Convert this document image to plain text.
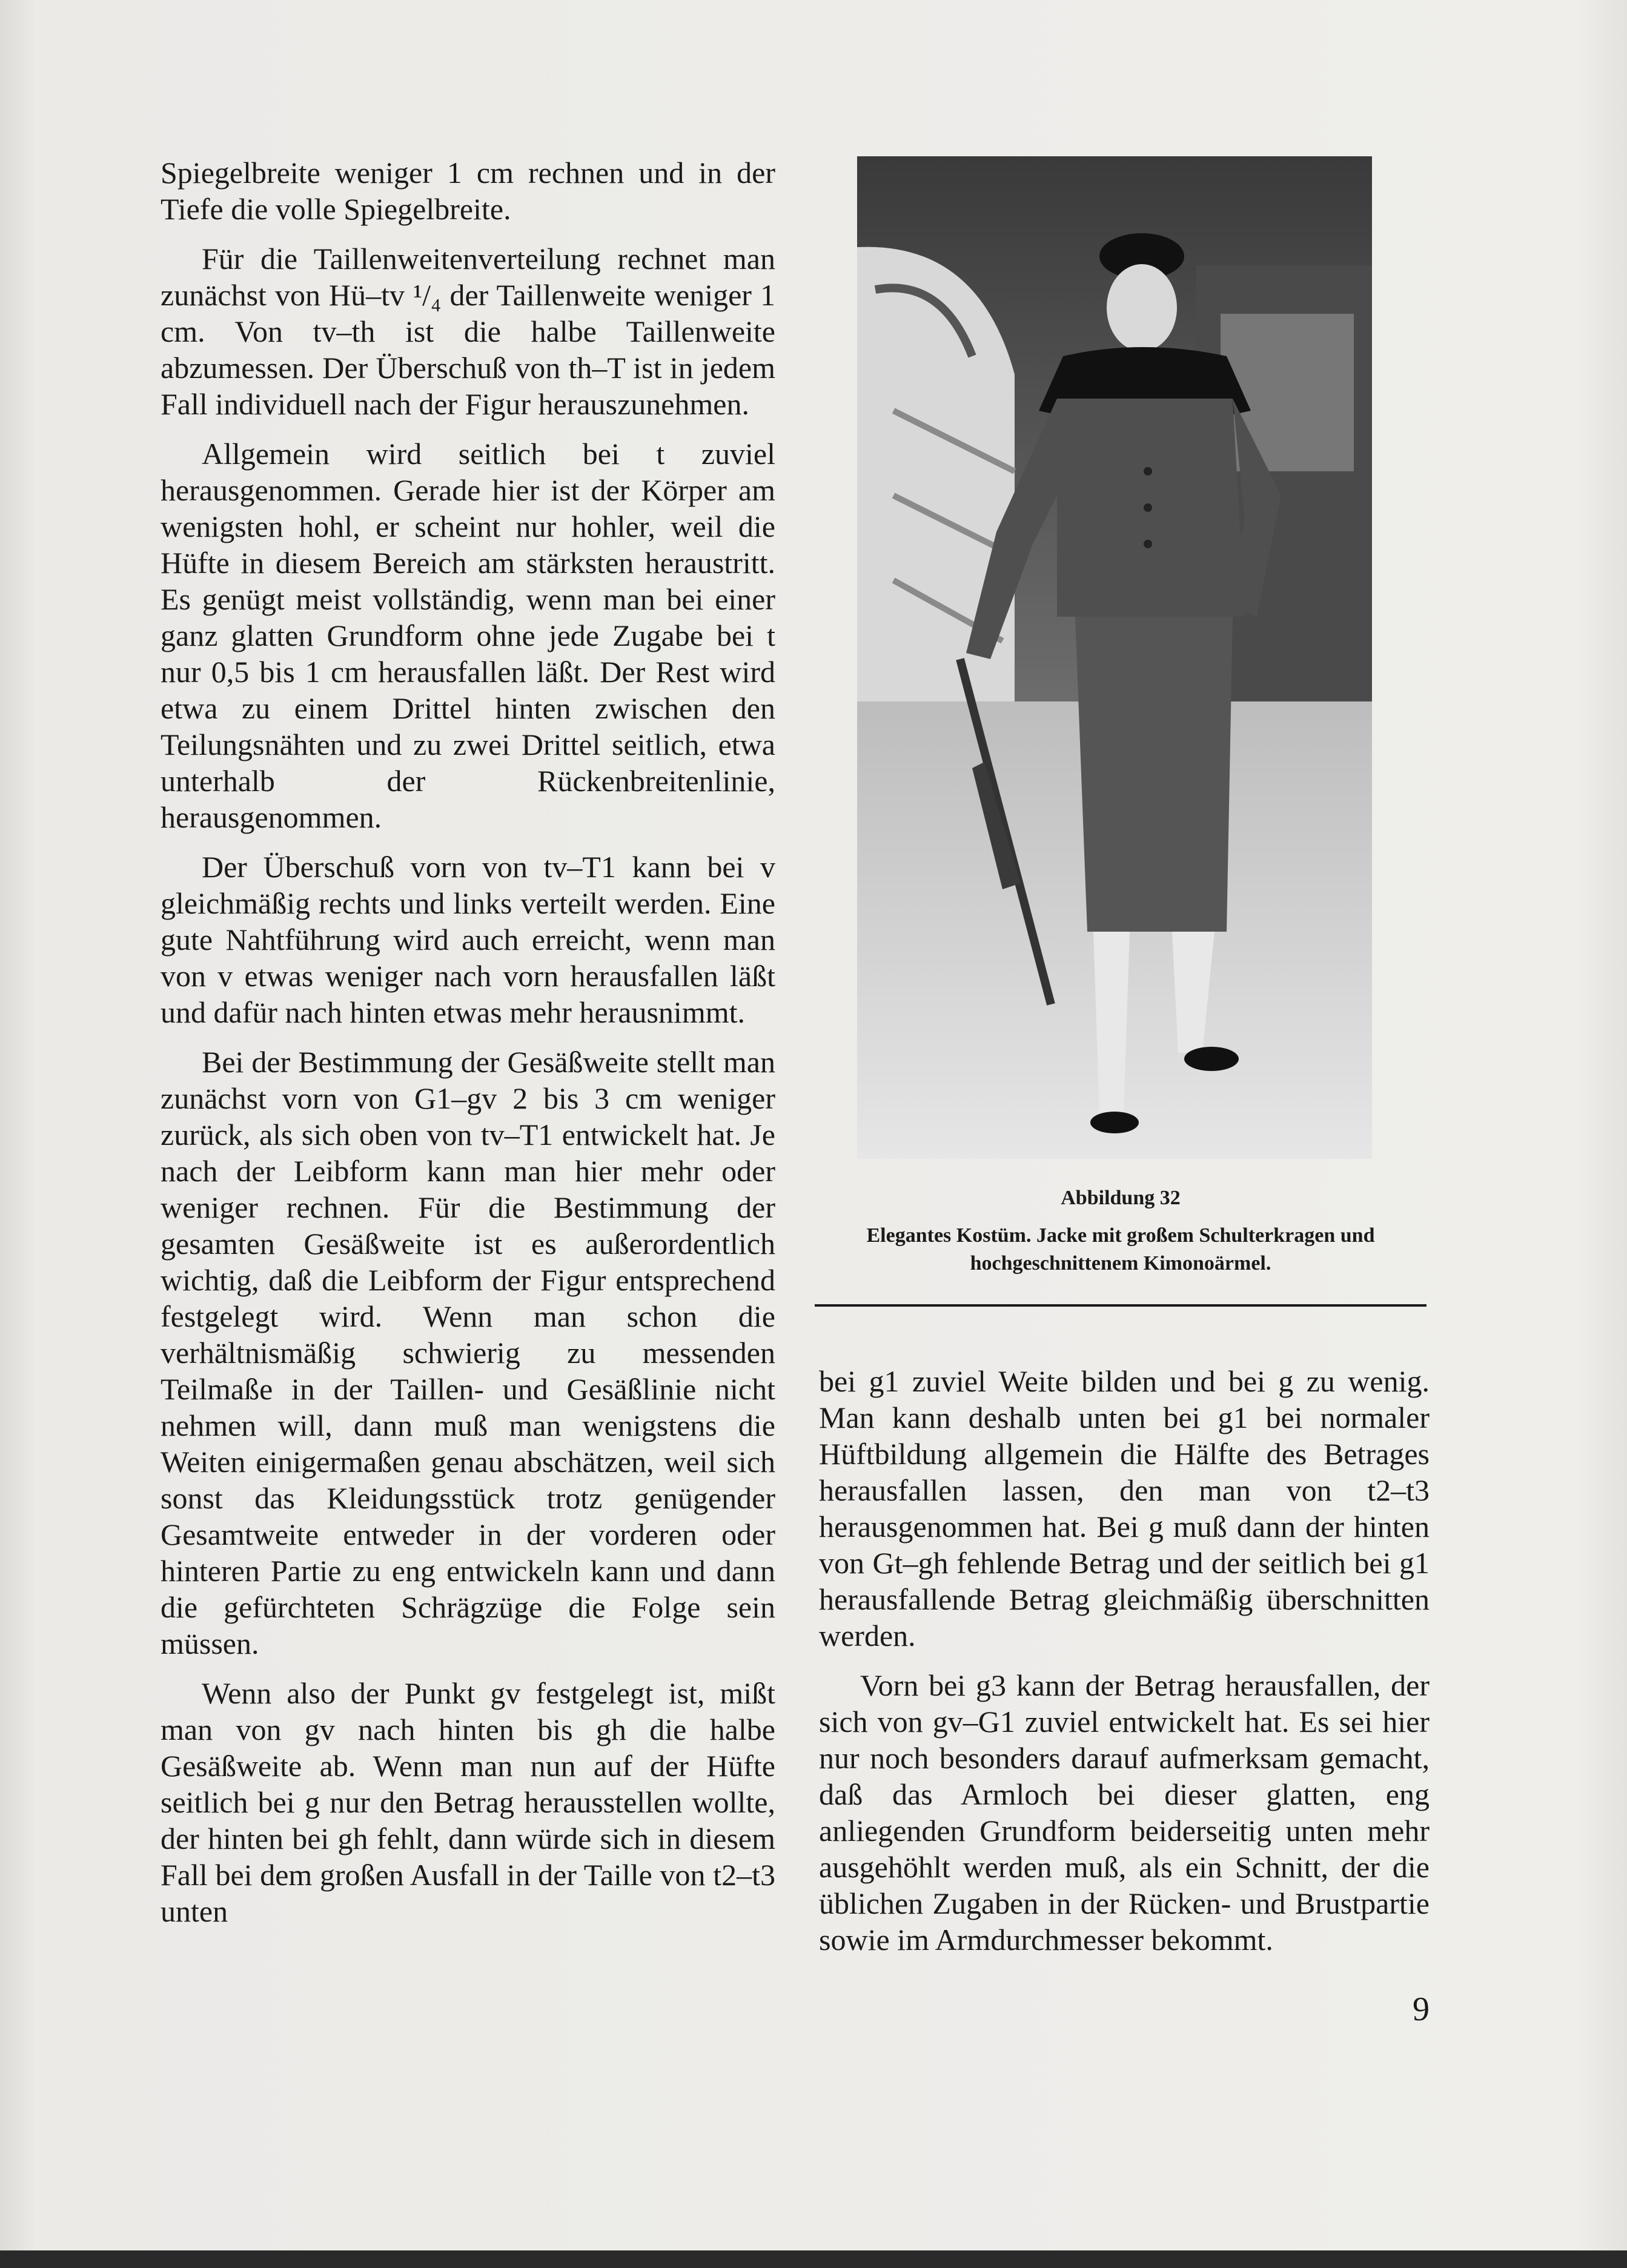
Spiegelbreite weniger 1 cm rechnen und in der Tiefe die volle Spiegelbreite.

Für die Taillenweitenverteilung rechnet man zunächst von Hü–tv ¹/₄ der Taillenweite weniger 1 cm. Von tv–th ist die halbe Taillenweite abzumessen. Der Überschuß von th–T ist in jedem Fall individuell nach der Figur herauszunehmen.

Allgemein wird seitlich bei t zuviel herausgenommen. Gerade hier ist der Körper am wenigsten hohl, er scheint nur hohler, weil die Hüfte in diesem Bereich am stärksten heraustritt. Es genügt meist vollständig, wenn man bei einer ganz glatten Grundform ohne jede Zugabe bei t nur 0,5 bis 1 cm herausfallen läßt. Der Rest wird etwa zu einem Drittel hinten zwischen den Teilungsnähten und zu zwei Drittel seitlich, etwa unterhalb der Rückenbreitenlinie, herausgenommen.

Der Überschuß vorn von tv–T1 kann bei v gleichmäßig rechts und links verteilt werden. Eine gute Nahtführung wird auch erreicht, wenn man von v etwas weniger nach vorn herausfallen läßt und dafür nach hinten etwas mehr herausnimmt.

Bei der Bestimmung der Gesäßweite stellt man zunächst vorn von G1–gv 2 bis 3 cm weniger zurück, als sich oben von tv–T1 entwickelt hat. Je nach der Leibform kann man hier mehr oder weniger rechnen. Für die Bestimmung der gesamten Gesäßweite ist es außerordentlich wichtig, daß die Leibform der Figur entsprechend festgelegt wird. Wenn man schon die verhältnismäßig schwierig zu messenden Teilmaße in der Taillen- und Gesäßlinie nicht nehmen will, dann muß man wenigstens die Weiten einigermaßen genau abschätzen, weil sich sonst das Kleidungsstück trotz genügender Gesamtweite entweder in der vorderen oder hinteren Partie zu eng entwickeln kann und dann die gefürchteten Schrägzüge die Folge sein müssen.

Wenn also der Punkt gv festgelegt ist, mißt man von gv nach hinten bis gh die halbe Gesäßweite ab. Wenn man nun auf der Hüfte seitlich bei g nur den Betrag herausstellen wollte, der hinten bei gh fehlt, dann würde sich in diesem Fall bei dem großen Ausfall in der Taille von t2–t3 unten

Abbildung 32
Elegantes Kostüm. Jacke mit großem Schulterkragen und hochgeschnittenem Kimonoärmel.

bei g1 zuviel Weite bilden und bei g zu wenig. Man kann deshalb unten bei g1 bei normaler Hüftbildung allgemein die Hälfte des Betrages herausfallen lassen, den man von t2–t3 herausgenommen hat. Bei g muß dann der hinten von Gt–gh fehlende Betrag und der seitlich bei g1 herausfallende Betrag gleichmäßig überschnitten werden.

Vorn bei g3 kann der Betrag herausfallen, der sich von gv–G1 zuviel entwickelt hat. Es sei hier nur noch besonders darauf aufmerksam gemacht, daß das Armloch bei dieser glatten, eng anliegenden Grundform beiderseitig unten mehr ausgehöhlt werden muß, als ein Schnitt, der die üblichen Zugaben in der Rücken- und Brustpartie sowie im Armdurchmesser bekommt.

9
